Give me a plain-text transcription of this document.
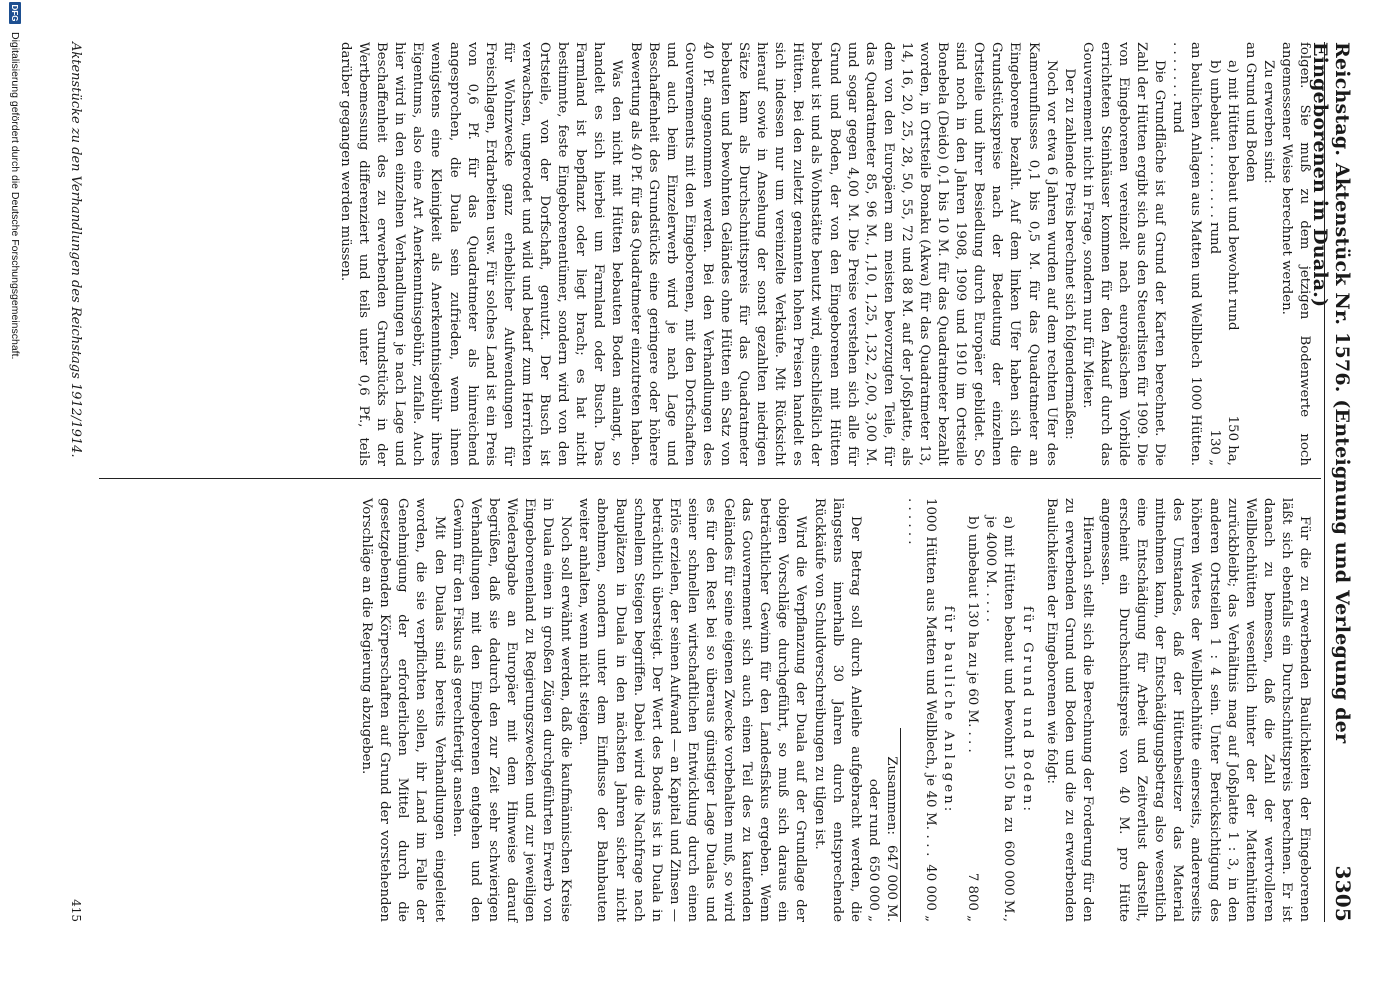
Reichstag. Aktenstück Nr. 1576. (Enteignung und Verlegung der Eingeborenen in Duala.)
3305

folgen. Sie muß zu dem jetzigen Bodenwerte noch angemessener Weise berechnet werden.

Zu erwerben sind:

an Grund und Boden

a) mit Hütten bebaut und bewohnt rund
150 ha,
b) unbebaut . . . . . . . . . rund
130 „
an baulichen Anlagen aus Matten und Wellblech . . . . . . . rund
1000 Hütten.

Die Grundfläche ist auf Grund der Karten berechnet. Die Zahl der Hütten ergibt sich aus den Steuerlisten für 1909. Die von Eingeborenen vereinzelt nach europäischem Vorbilde errichteten Steinhäuser kommen für den Ankauf durch das Gouvernement nicht in Frage, sondern nur für Mieter.

Der zu zahlende Preis berechnet sich folgendermaßen:

Noch vor etwa 6 Jahren wurden auf dem rechten Ufer des Kamerunflusses 0,1 bis 0,5 M. für das Quadratmeter an Eingeborene bezahlt. Auf dem linken Ufer haben sich die Grundstückspreise nach der Bedeutung der einzelnen Ortsteile und ihrer Besiedlung durch Europäer gebildet. So sind noch in den Jahren 1908, 1909 und 1910 im Ortsteile Bonebela (Deido) 0,1 bis 10 M. für das Quadratmeter bezahlt worden, in Ortsteile Bonaku (Akwa) für das Quadratmeter 13, 14, 16, 20, 25, 28, 50, 55, 72 und 88 M. auf der Joßplatte, als dem von den Europäern am meisten bevorzugten Teile, für das Quadratmeter 85, 96 M., 1,10, 1,25, 1,32, 2,00, 3,00 M. und sogar gegen 4,00 M. Die Preise verstehen sich alle für Grund und Boden, der von den Eingeborenen mit Hütten bebaut ist und als Wohnstätte benutzt wird, einschließlich der Hütten. Bei den zuletzt genannten hohen Preisen handelt es sich indessen nur um vereinzelte Verkäufe. Mit Rücksicht hierauf sowie in Ansehung der sonst gezahlten niedrigen Sätze kann als Durchschnittspreis für das Quadratmeter bebauten und bewohnten Geländes ohne Hütten ein Satz von 40 Pf. angenommen werden. Bei den Verhandlungen des Gouvernements mit den Eingeborenen, mit den Dorfschaften und auch beim Einzelerwerb wird je nach Lage und Beschaffenheit des Grundstücks eine geringere oder höhere Bewertung als 40 Pf. für das Quadratmeter einzutreten haben.

Was den nicht mit Hütten bebauten Boden anlangt, so handelt es sich hierbei um Farmland oder Busch. Das Farmland ist bepflanzt oder liegt brach; es hat nicht bestimmte, feste Eingeborenentümer, sondern wird von den Ortsteile, von der Dorfschaft, genutzt. Der Busch ist verwachsen, ungerodet und wild und bedarf zum Herrichten für Wohnzwecke ganz erheblicher Aufwendungen für Freischlagen, Erdarbeiten usw. Für solches Land ist ein Preis von 0,6 Pf. für das Quadratmeter als hinreichend angesprochen, die Duala sein zufrieden, wenn ihnen wenigstens eine Kleinigkeit als Anerkenntnisgebühr ihres Eigentums, also eine Art Anerkenntnisgebühr, zufalle. Auch hier wird in den einzelnen Verhandlungen je nach Lage und Beschaffenheit des zu erwerbenden Grundstücks in der Wertbemessung differenziert und teils unter 0,6 Pf., teils darüber gegangen werden müssen.

Für die zu erwerbenden Baulichkeiten der Eingeborenen läßt sich ebenfalls ein Durchschnittspreis berechnen. Er ist danach zu bemessen, daß die Zahl der wertvolleren Wellblechhütten wesentlich hinter der der Mattenhütten zurückbleibt; das Verhältnis mag auf Joßplatte 1 : 3, in den anderen Ortsteilen 1 : 4 sein. Unter Berücksichtigung des höheren Wertes der Wellblechhütte einerseits, andererseits des Umstandes, daß der Hüttenbesitzer das Material mitnehmen kann, der Entschädigungsbetrag also wesentlich eine Entschädigung für Arbeit und Zeitverlust darstellt, erscheint ein Durchschnittspreis von 40 M. pro Hütte angemessen.

Hiernach stellt sich die Berechnung der Forderung für den zu erwerbenden Grund und Boden und die zu erwerbenden Baulichkeiten der Eingeborenen wie folgt:

für Grund und Boden:

a) mit Hütten bebaut und bewohnt 150 ha zu je 4000 M. . . . .
600 000 M.,
b) unbebaut 130 ha zu je 60 M. . . .
7 800 „

für bauliche Anlagen:

1000 Hütten aus Matten und Wellblech, je 40 M. . . . . . . . . .
40 000 „
Zusammen:
647 000 M.
oder rund
650 000 „

Der Betrag soll durch Anleihe aufgebracht werden, die längstens innerhalb 30 Jahren durch entsprechende Rückkäufe von Schuldverschreibungen zu tilgen ist.

Wird die Verpflanzung der Duala auf der Grundlage der obigen Vorschläge durchgeführt, so muß sich daraus ein beträchtlicher Gewinn für den Landesfiskus ergeben. Wenn das Gouvernement sich auch einen Teil des zu kaufenden Geländes für seine eigenen Zwecke vorbehalten muß, so wird es für den Rest bei so überaus günstiger Lage Dualas und seiner schnellen wirtschaftlichen Entwicklung durch einen Erlös erzielen, der seinen Aufwand — an Kapital und Zinsen — beträchtlich übersteigt. Der Wert des Bodens ist in Duala in schnellem Steigen begriffen. Dabei wird die Nachfrage nach Bauplätzen in Duala in den nächsten Jahren sicher nicht abnehmen, sondern unter dem Einflusse der Bahnbauten weiter anhalten, wenn nicht steigen.

Noch soll erwähnt werden, daß die kaufmännischen Kreise in Duala einen in großen Zügen durchgeführten Erwerb von Eingeborenenland zu Regierungszwecken und zur jeweiligen Wiederabgabe an Europäer mit dem Hinweise darauf begrüßen, daß sie dadurch den zur Zeit sehr schwierigen Verhandlungen mit den Eingeborenen entgehen und den Gewinn für den Fiskus als gerechtfertigt ansehen.

Mit den Dualas sind bereits Verhandlungen eingeleitet worden, die sie verpflichten sollen, ihr Land im Falle der Genehmigung der erforderlichen Mittel durch die gesetzgebenden Körperschaften auf Grund der vorstehenden Vorschläge an die Regierung abzugeben.

Aktenstücke zu den Verhandlungen des Reichstags 1912/1914.
415
DFG
Digitalisierung gefördert durch die Deutsche Forschungsgemeinschaft.
